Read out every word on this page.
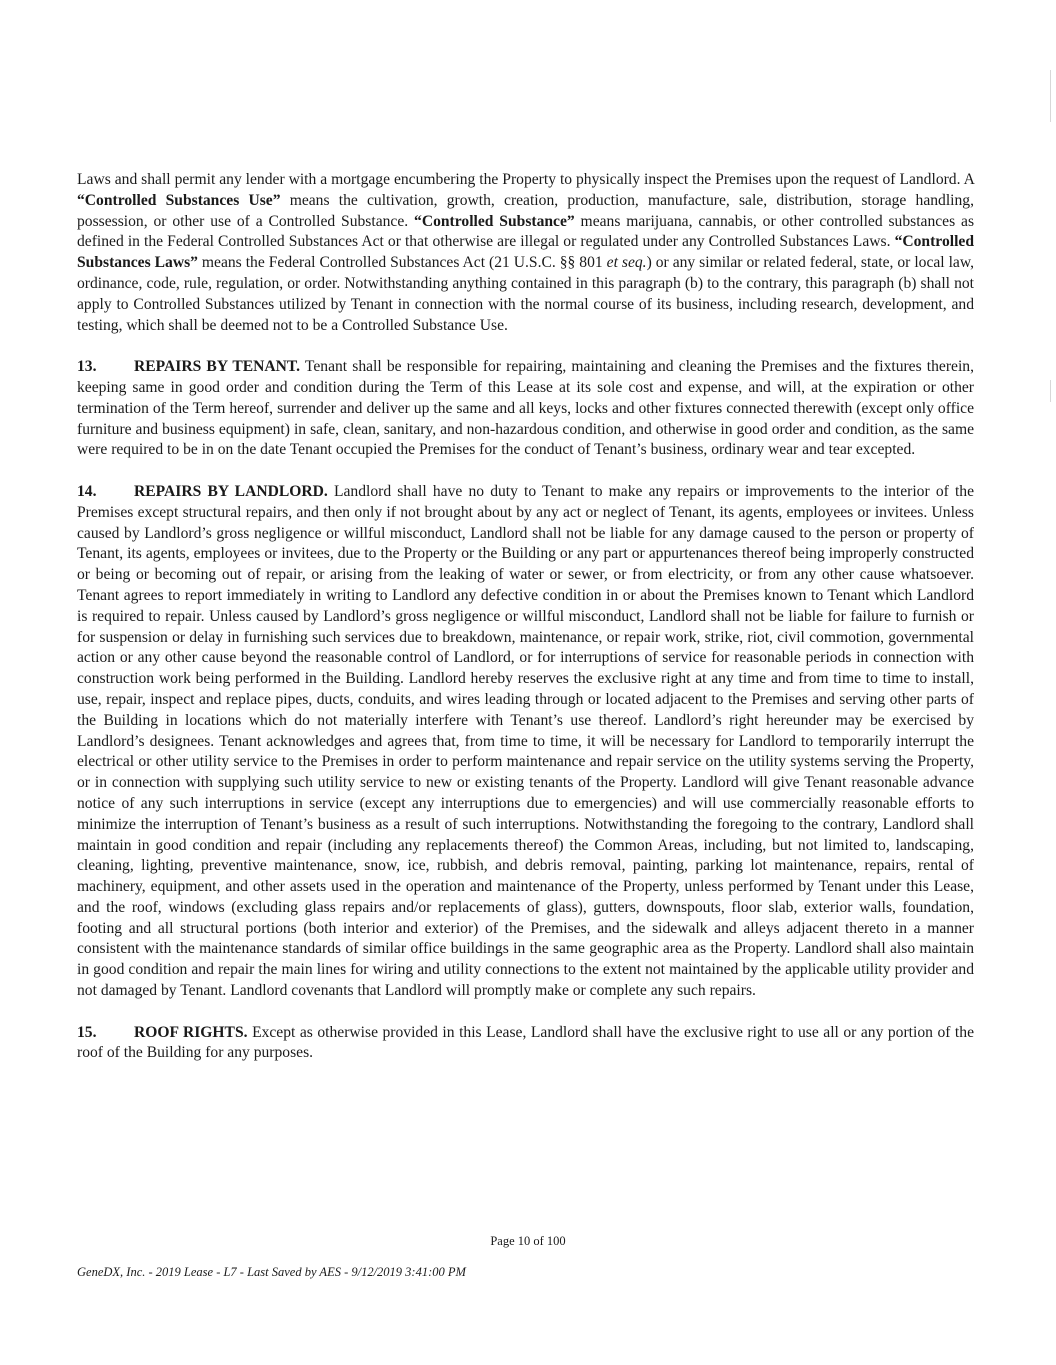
Laws and shall permit any lender with a mortgage encumbering the Property to physically inspect the Premises upon the request of Landlord. A “Controlled Substances Use” means the cultivation, growth, creation, production, manufacture, sale, distribution, storage handling, possession, or other use of a Controlled Substance. “Controlled Substance” means marijuana, cannabis, or other controlled substances as defined in the Federal Controlled Substances Act or that otherwise are illegal or regulated under any Controlled Substances Laws. “Controlled Substances Laws” means the Federal Controlled Substances Act (21 U.S.C. §§ 801 et seq.) or any similar or related federal, state, or local law, ordinance, code, rule, regulation, or order. Notwithstanding anything contained in this paragraph (b) to the contrary, this paragraph (b) shall not apply to Controlled Substances utilized by Tenant in connection with the normal course of its business, including research, development, and testing, which shall be deemed not to be a Controlled Substance Use.

13. REPAIRS BY TENANT. Tenant shall be responsible for repairing, maintaining and cleaning the Premises and the fixtures therein, keeping same in good order and condition during the Term of this Lease at its sole cost and expense, and will, at the expiration or other termination of the Term hereof, surrender and deliver up the same and all keys, locks and other fixtures connected therewith (except only office furniture and business equipment) in safe, clean, sanitary, and non-hazardous condition, and otherwise in good order and condition, as the same were required to be in on the date Tenant occupied the Premises for the conduct of Tenant’s business, ordinary wear and tear excepted.

14. REPAIRS BY LANDLORD. Landlord shall have no duty to Tenant to make any repairs or improvements to the interior of the Premises except structural repairs, and then only if not brought about by any act or neglect of Tenant, its agents, employees or invitees. Unless caused by Landlord’s gross negligence or willful misconduct, Landlord shall not be liable for any damage caused to the person or property of Tenant, its agents, employees or invitees, due to the Property or the Building or any part or appurtenances thereof being improperly constructed or being or becoming out of repair, or arising from the leaking of water or sewer, or from electricity, or from any other cause whatsoever. Tenant agrees to report immediately in writing to Landlord any defective condition in or about the Premises known to Tenant which Landlord is required to repair. Unless caused by Landlord’s gross negligence or willful misconduct, Landlord shall not be liable for failure to furnish or for suspension or delay in furnishing such services due to breakdown, maintenance, or repair work, strike, riot, civil commotion, governmental action or any other cause beyond the reasonable control of Landlord, or for interruptions of service for reasonable periods in connection with construction work being performed in the Building. Landlord hereby reserves the exclusive right at any time and from time to time to install, use, repair, inspect and replace pipes, ducts, conduits, and wires leading through or located adjacent to the Premises and serving other parts of the Building in locations which do not materially interfere with Tenant’s use thereof. Landlord’s right hereunder may be exercised by Landlord’s designees. Tenant acknowledges and agrees that, from time to time, it will be necessary for Landlord to temporarily interrupt the electrical or other utility service to the Premises in order to perform maintenance and repair service on the utility systems serving the Property, or in connection with supplying such utility service to new or existing tenants of the Property. Landlord will give Tenant reasonable advance notice of any such interruptions in service (except any interruptions due to emergencies) and will use commercially reasonable efforts to minimize the interruption of Tenant’s business as a result of such interruptions. Notwithstanding the foregoing to the contrary, Landlord shall maintain in good condition and repair (including any replacements thereof) the Common Areas, including, but not limited to, landscaping, cleaning, lighting, preventive maintenance, snow, ice, rubbish, and debris removal, painting, parking lot maintenance, repairs, rental of machinery, equipment, and other assets used in the operation and maintenance of the Property, unless performed by Tenant under this Lease, and the roof, windows (excluding glass repairs and/or replacements of glass), gutters, downspouts, floor slab, exterior walls, foundation, footing and all structural portions (both interior and exterior) of the Premises, and the sidewalk and alleys adjacent thereto in a manner consistent with the maintenance standards of similar office buildings in the same geographic area as the Property. Landlord shall also maintain in good condition and repair the main lines for wiring and utility connections to the extent not maintained by the applicable utility provider and not damaged by Tenant. Landlord covenants that Landlord will promptly make or complete any such repairs.

15. ROOF RIGHTS. Except as otherwise provided in this Lease, Landlord shall have the exclusive right to use all or any portion of the roof of the Building for any purposes.

Page 10 of 100
GeneDX, Inc. - 2019 Lease - L7 - Last Saved by AES - 9/12/2019 3:41:00 PM
